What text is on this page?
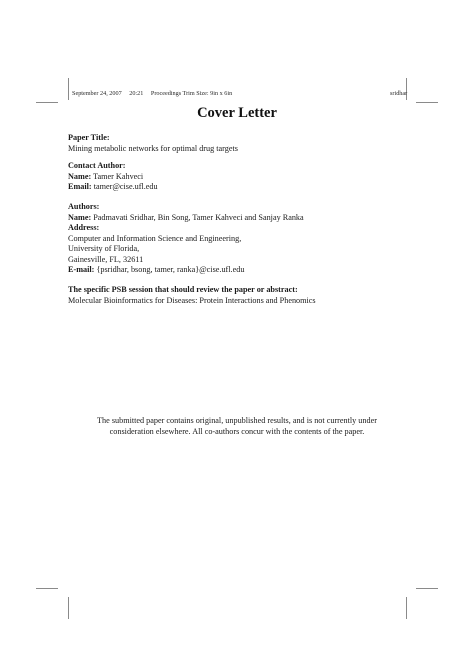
September 24, 2007 20:21 Proceedings Trim Size: 9in x 6in	sridhar
Cover Letter
Paper Title:
Mining metabolic networks for optimal drug targets
Contact Author:
Name: Tamer Kahveci
Email: tamer@cise.ufl.edu
Authors:
Name: Padmavati Sridhar, Bin Song, Tamer Kahveci and Sanjay Ranka
Address:
Computer and Information Science and Engineering,
University of Florida,
Gainesville, FL, 32611
E-mail: {psridhar, bsong, tamer, ranka}@cise.ufl.edu
The specific PSB session that should review the paper or abstract:
Molecular Bioinformatics for Diseases: Protein Interactions and Phenomics
The submitted paper contains original, unpublished results, and is not currently under
consideration elsewhere. All co-authors concur with the contents of the paper.
